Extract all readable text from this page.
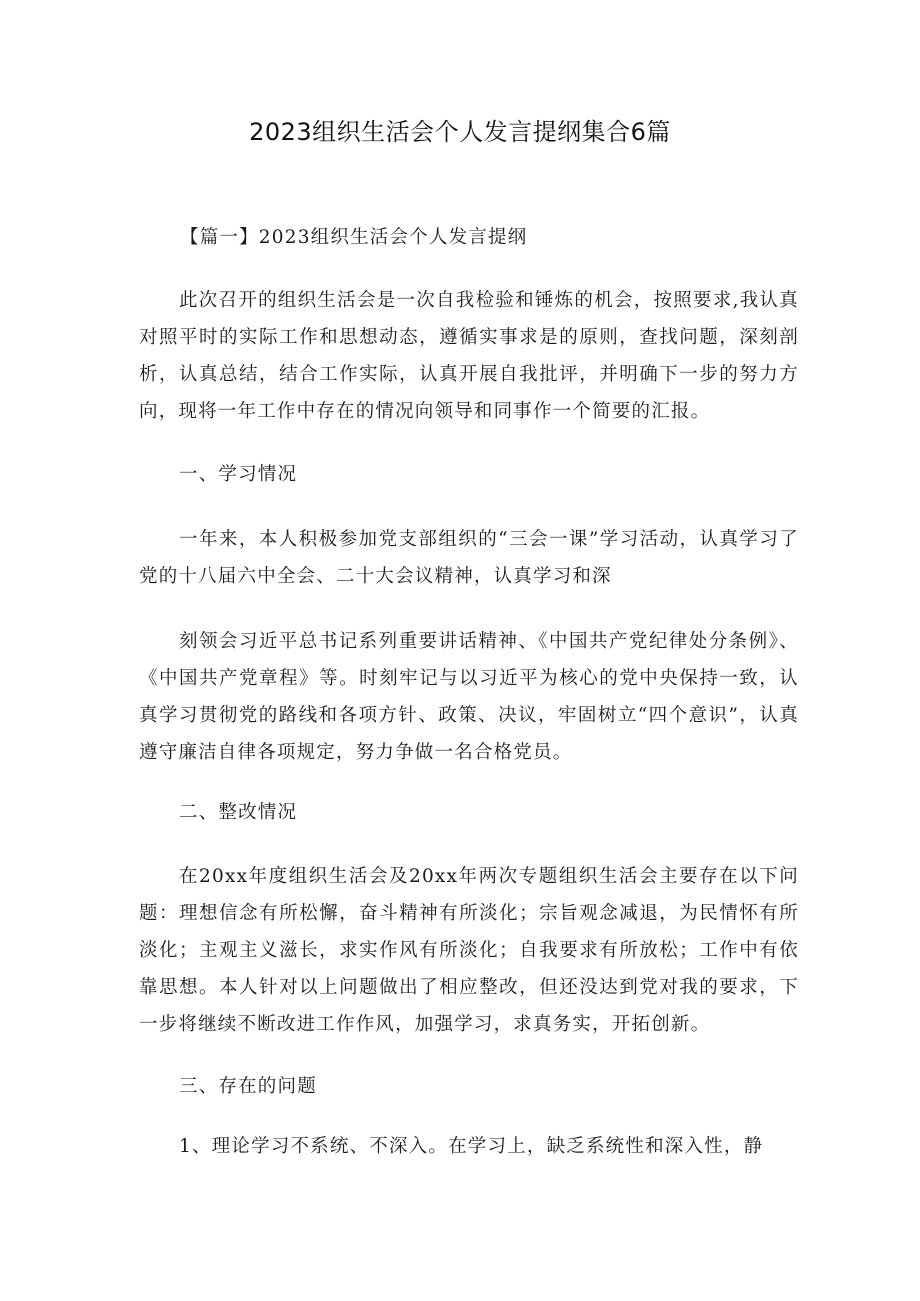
2023组织生活会个人发言提纲集合6篇
【篇一】2023组织生活会个人发言提纲
此次召开的组织生活会是一次自我检验和锤炼的机会，按照要求,我认真对照平时的实际工作和思想动态，遵循实事求是的原则，查找问题，深刻剖析，认真总结，结合工作实际，认真开展自我批评，并明确下一步的努力方向，现将一年工作中存在的情况向领导和同事作一个简要的汇报。
一、学习情况
一年来，本人积极参加党支部组织的“三会一课”学习活动，认真学习了党的十八届六中全会、二十大会议精神，认真学习和深
刻领会习近平总书记系列重要讲话精神、《中国共产党纪律处分条例》、《中国共产党章程》等。时刻牢记与以习近平为核心的党中央保持一致，认真学习贯彻党的路线和各项方针、政策、决议，牢固树立“四个意识”，认真遵守廉洁自律各项规定，努力争做一名合格党员。
二、整改情况
在20xx年度组织生活会及20xx年两次专题组织生活会主要存在以下问题：理想信念有所松懈，奋斗精神有所淡化；宗旨观念减退，为民情怀有所淡化；主观主义滋长，求实作风有所淡化；自我要求有所放松；工作中有依靠思想。本人针对以上问题做出了相应整改，但还没达到党对我的要求，下一步将继续不断改进工作作风，加强学习，求真务实，开拓创新。
三、存在的问题
1、理论学习不系统、不深入。在学习上，缺乏系统性和深入性，静
